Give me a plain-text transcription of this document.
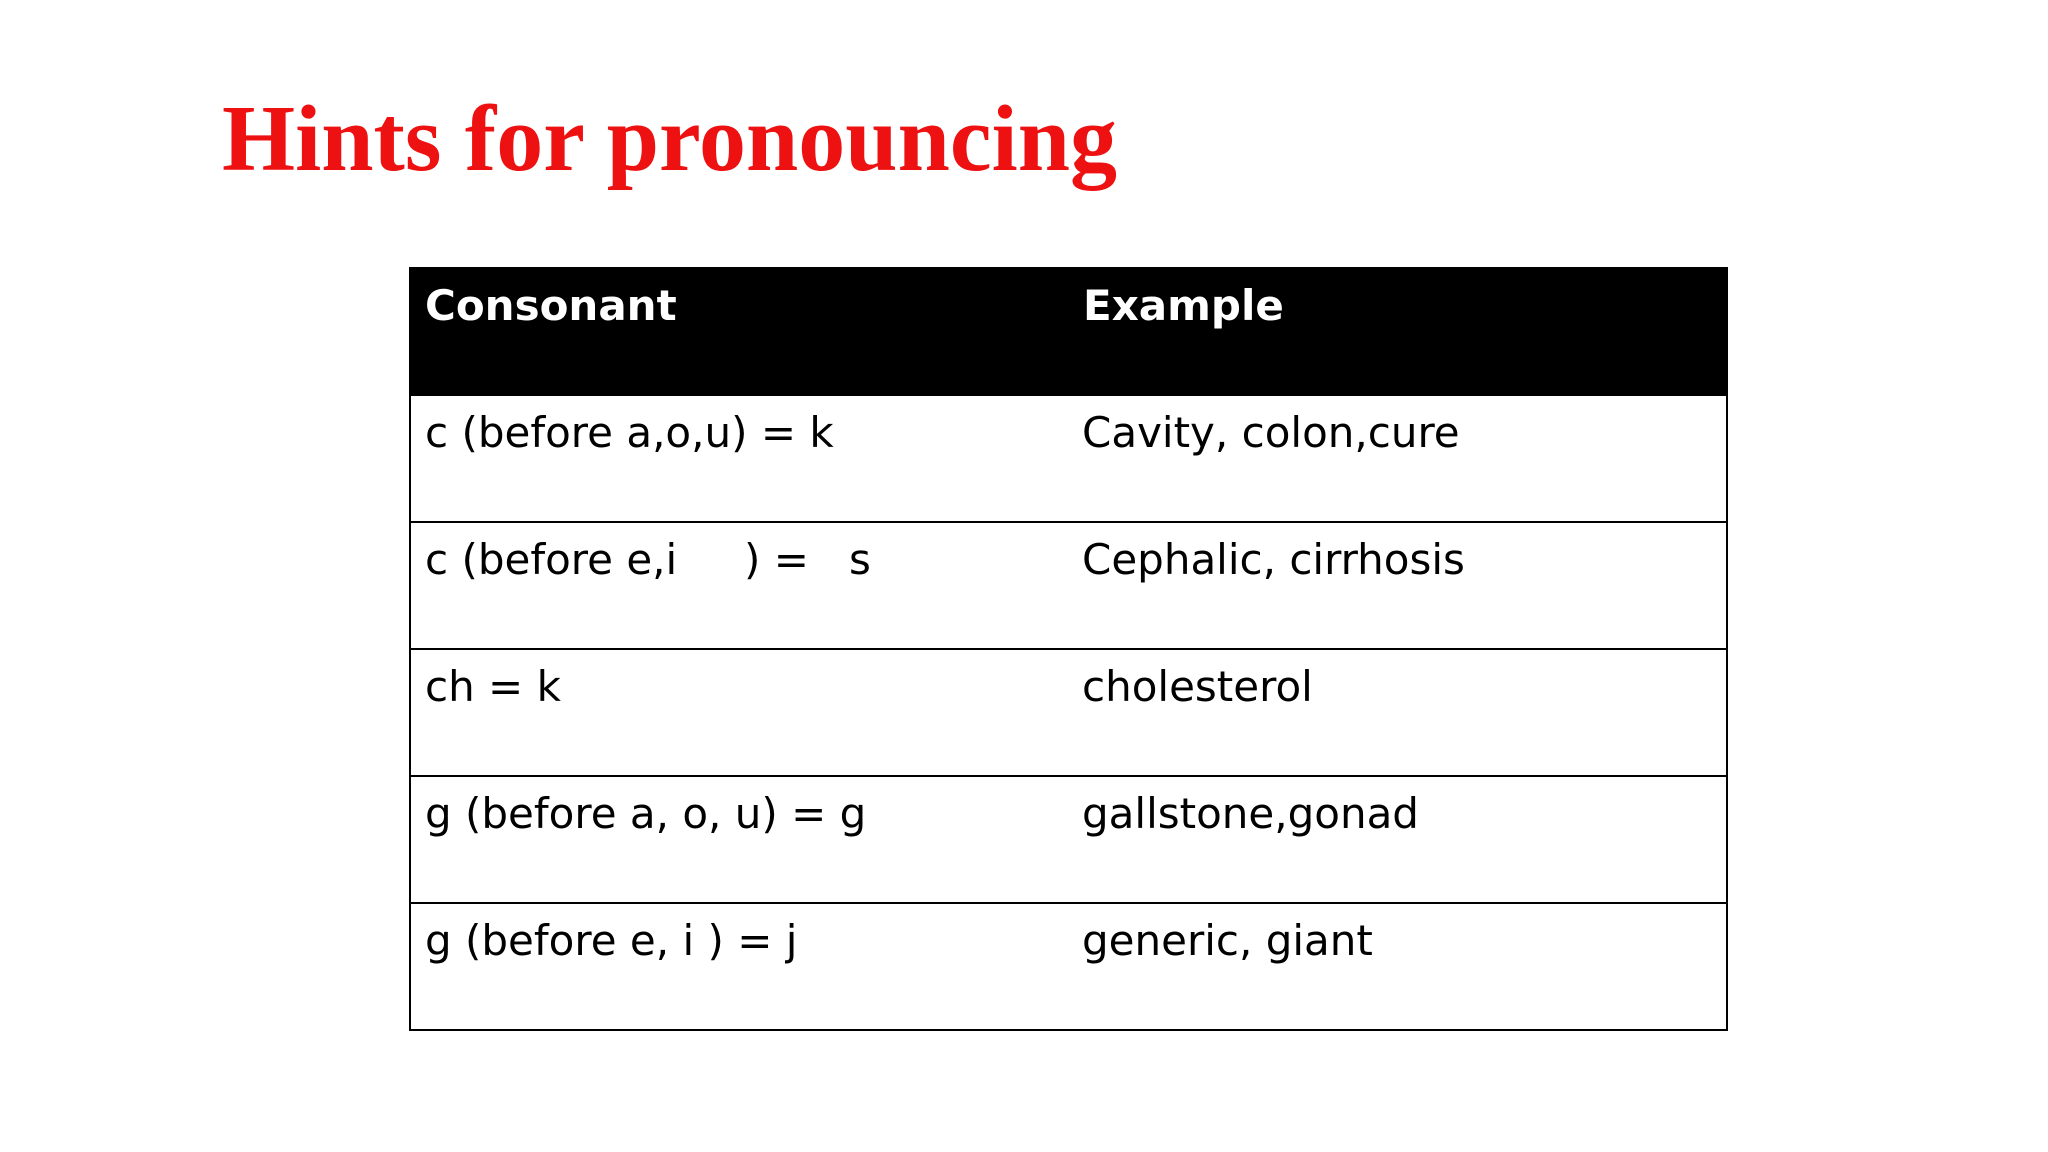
Hints for pronouncing
Consonant	Example
c (before a,o,u) = k	Cavity, colon,cure
c (before e,i     ) =   s	Cephalic, cirrhosis
ch = k	cholesterol
g (before a, o, u) = g	gallstone,gonad
g (before e, i ) = j	generic, giant
